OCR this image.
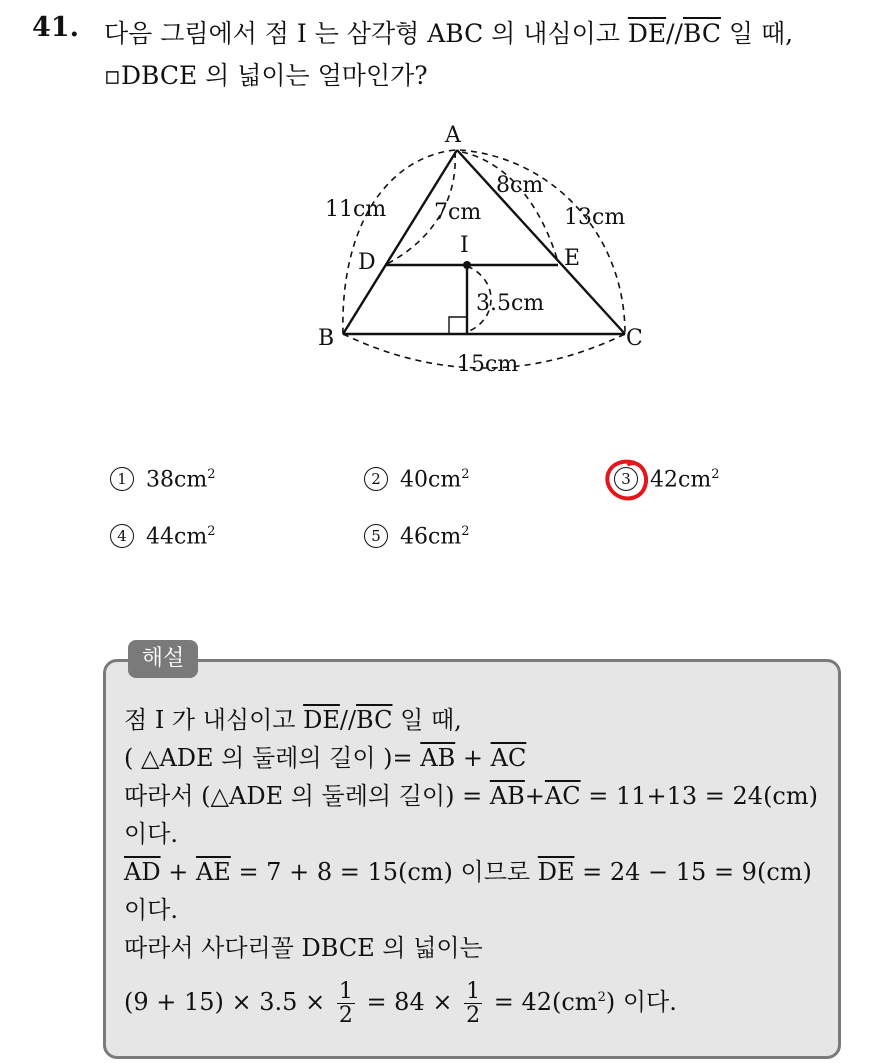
41. 다음 그림에서 점 I 는 삼각형 ABC 의 내심이고 $\overline{DE}//\overline{BC}$ 일 때,
▫DBCE 의 넓이는 얼마인가?
A
B	C
D	E
I
11cm 7cm
8cm
13cm
3.5cm
15cm
1 $38cm^2$	2 $40cm^2$	3 $42cm^2$
4 $44cm^2$	5 $46cm^2$
해설
점 I 가 내심이고 $\overline{DE}//\overline{BC}$ 일 때,
( △ADE 의 둘레의 길이 )= $\overline{AB} + \overline{AC}$
따라서 (△ADE 의 둘레의 길이) = $\overline{AB}+\overline{AC} = 11+13 = 24(cm)$
이다.
$\overline{AD} + \overline{AE} = 7 + 8 = 15(cm)$ 이므로 $\overline{DE} = 24 - 15 = 9(cm)$
이다.
따라서 사다리꼴 DBCE 의 넓이는
$(9 + 15) \times 3.5 \times \frac{1}{2} = 84 \times \frac{1}{2} = 42(cm^2)$ 이다.
